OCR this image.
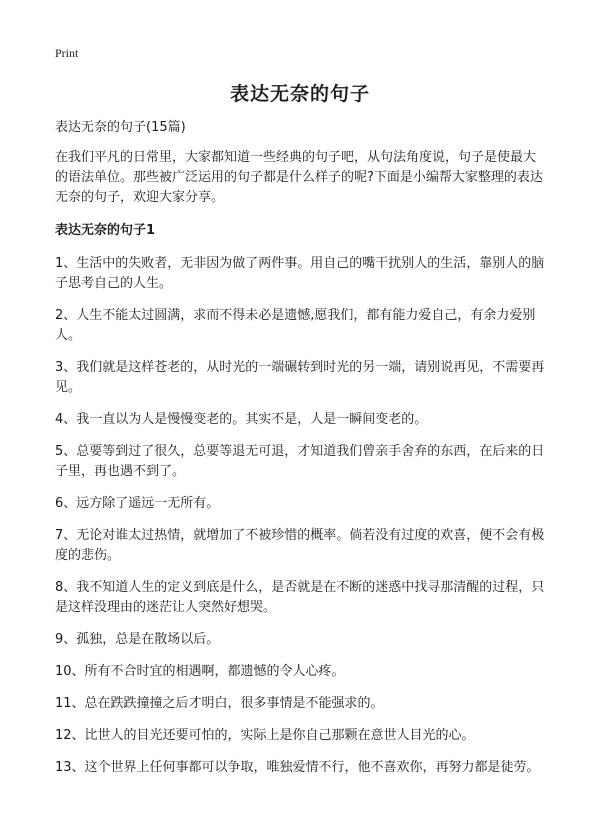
Print
表达无奈的句子

表达无奈的句子(15篇)

在我们平凡的日常里，大家都知道一些经典的句子吧，从句法角度说，句子是使最大的语法单位。那些被广泛运用的句子都是什么样子的呢?下面是小编帮大家整理的表达无奈的句子，欢迎大家分享。

表达无奈的句子1

1、生活中的失败者，无非因为做了两件事。用自己的嘴干扰别人的生活，靠别人的脑子思考自己的人生。

2、人生不能太过圆满，求而不得未必是遗憾,愿我们，都有能力爱自己，有余力爱别人。

3、我们就是这样苍老的，从时光的一端碾转到时光的另一端，请别说再见，不需要再见。

4、我一直以为人是慢慢变老的。其实不是，人是一瞬间变老的。

5、总要等到过了很久，总要等退无可退，才知道我们曾亲手舍弃的东西，在后来的日子里，再也遇不到了。

6、远方除了遥远一无所有。

7、无论对谁太过热情，就增加了不被珍惜的概率。倘若没有过度的欢喜，便不会有极度的悲伤。

8、我不知道人生的定义到底是什么，是否就是在不断的迷惑中找寻那清醒的过程，只是这样没理由的迷茫让人突然好想哭。

9、孤独，总是在散场以后。

10、所有不合时宜的相遇啊，都遗憾的令人心疼。

11、总在跌跌撞撞之后才明白，很多事情是不能强求的。

12、比世人的目光还要可怕的，实际上是你自己那颗在意世人目光的心。

13、这个世界上任何事都可以争取，唯独爱情不行，他不喜欢你，再努力都是徒劳。
